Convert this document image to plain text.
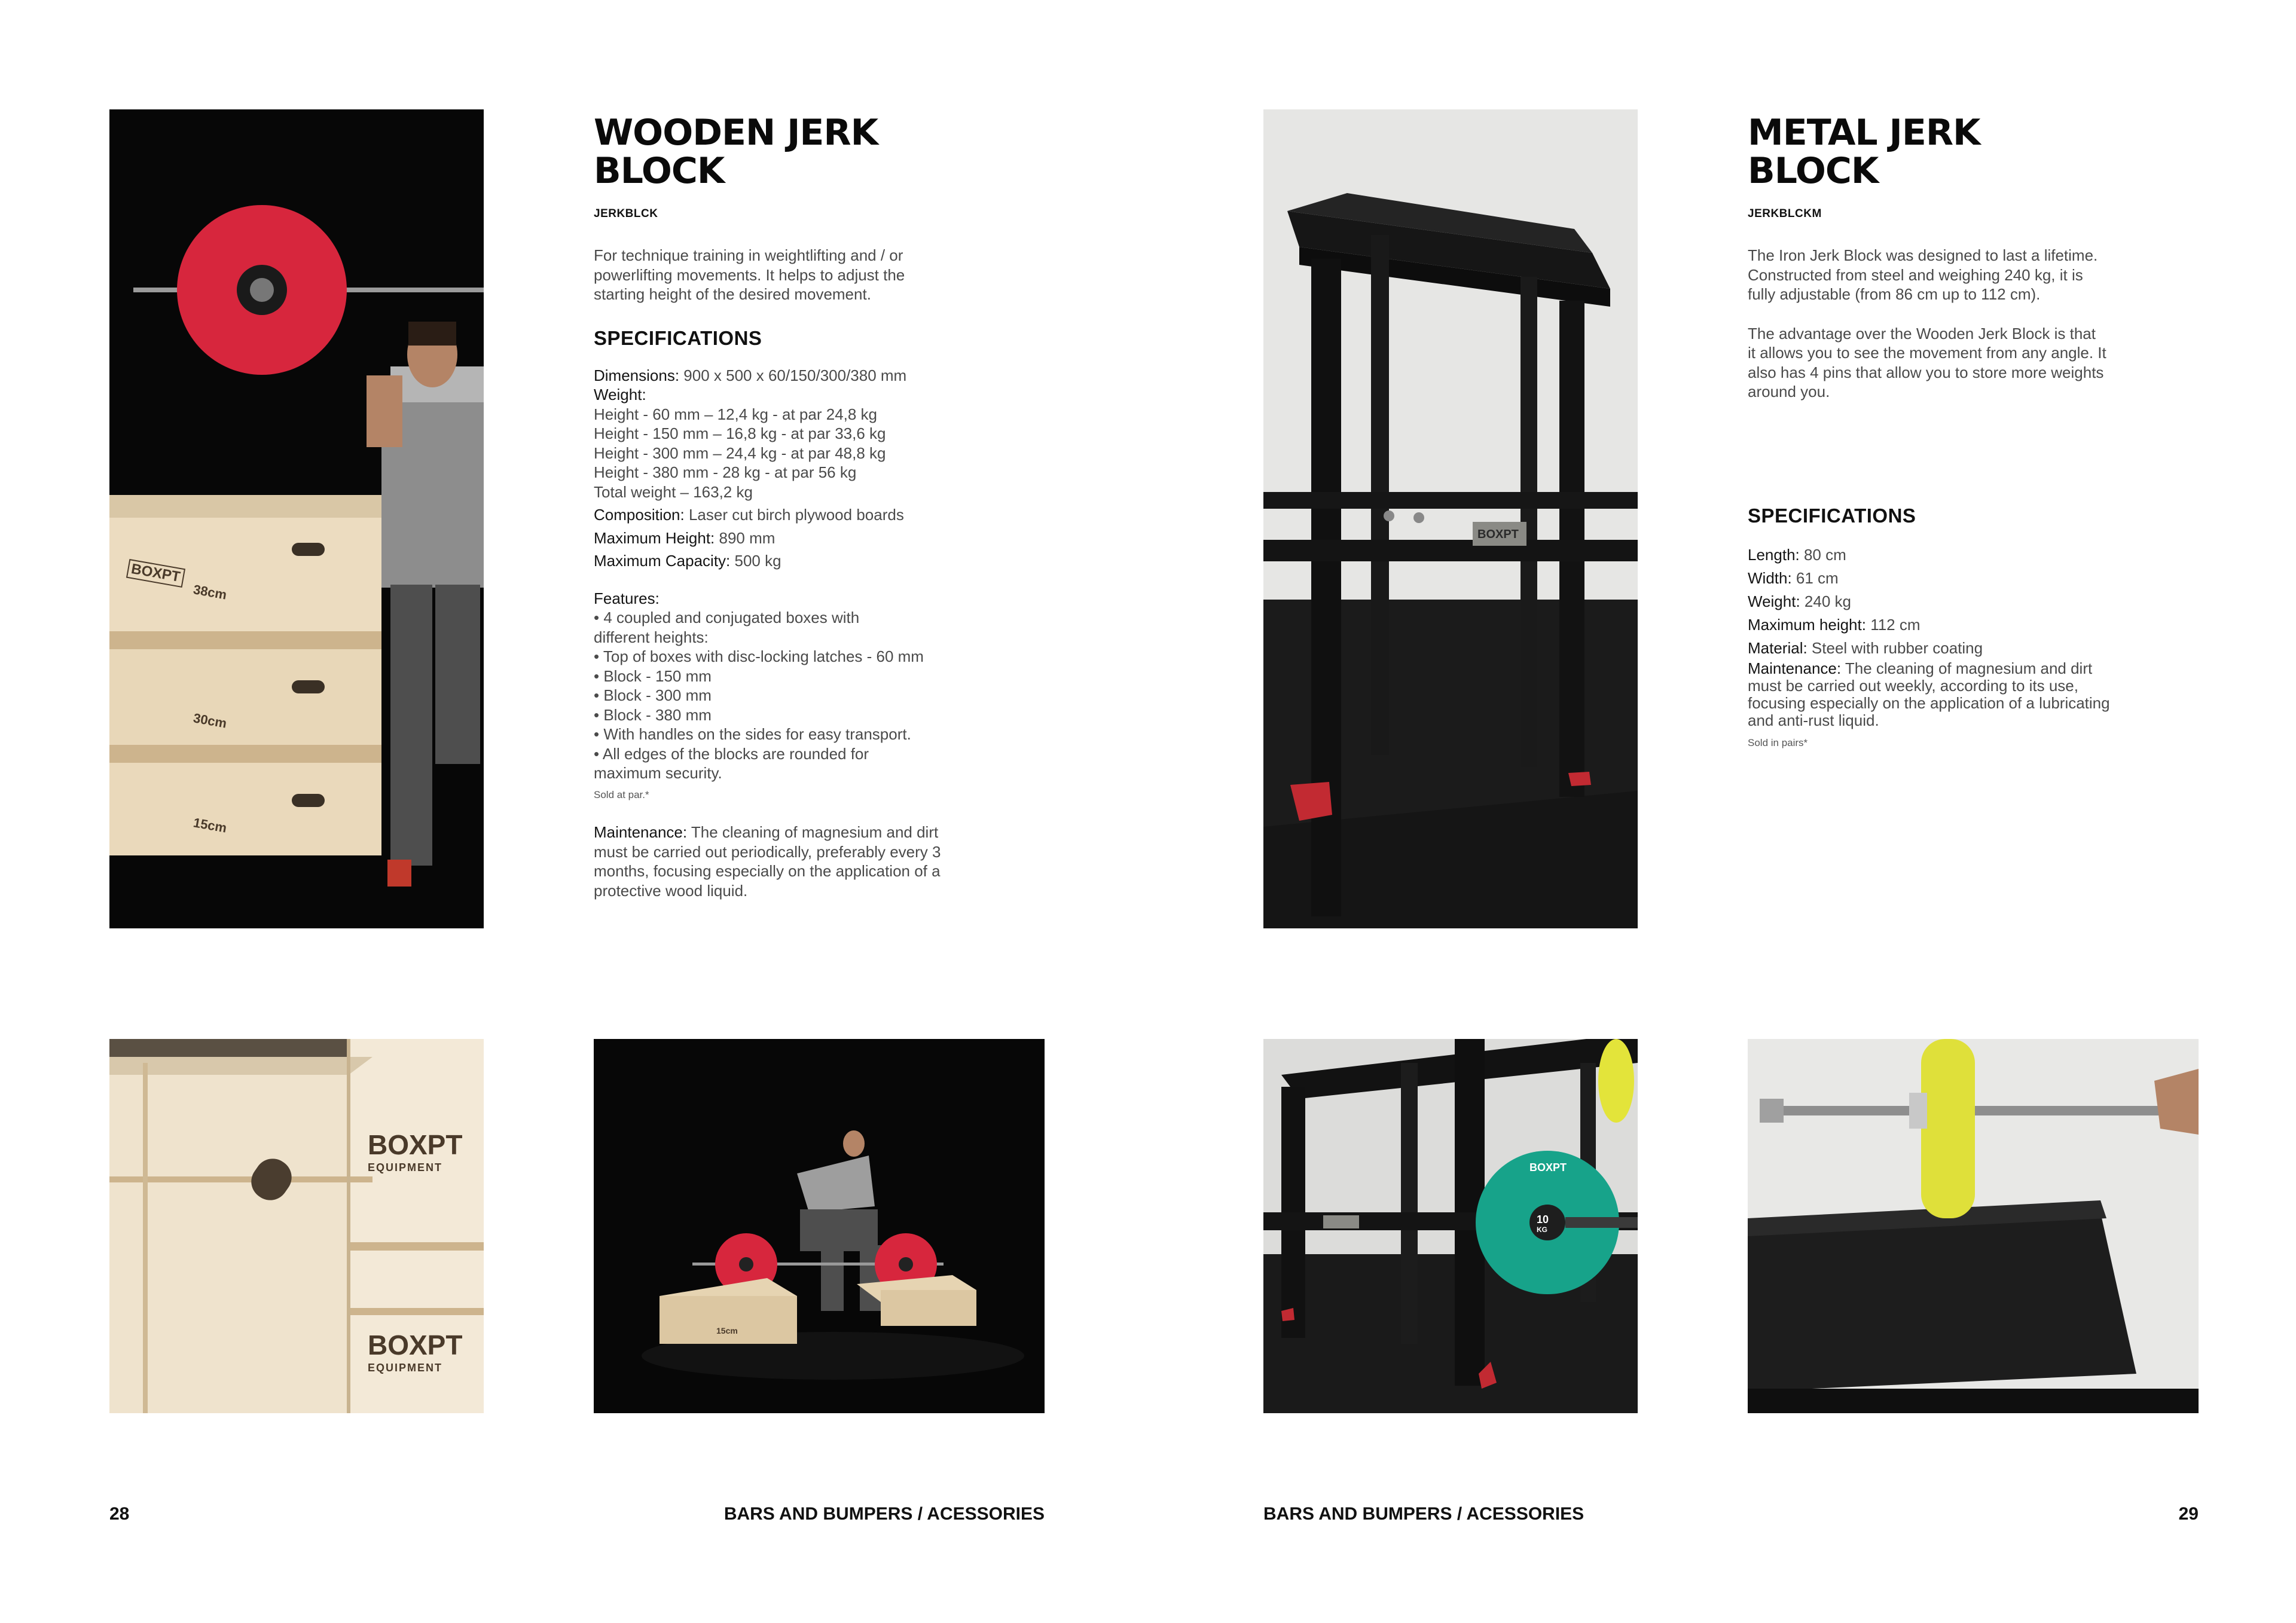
38cm
30cm
15cm
BOXPT
WOODEN JERK
BLOCK
JERKBLCK
For technique training in weightlifting and / or
powerlifting movements. It helps to adjust the
starting height of the desired movement.
SPECIFICATIONS
Dimensions: 900 x 500 x 60/150/300/380 mm
Weight:
Height - 60 mm – 12,4 kg - at par 24,8 kg
Height - 150 mm – 16,8 kg - at par 33,6 kg
Height - 300 mm – 24,4 kg - at par 48,8 kg
Height - 380 mm - 28 kg - at par 56 kg
Total weight – 163,2 kg
Composition: Laser cut birch plywood boards
Maximum Height: 890 mm
Maximum Capacity: 500 kg
Features:
• 4 coupled and conjugated boxes with
different heights:
• Top of boxes with disc-locking latches - 60 mm
• Block - 150 mm
• Block - 300 mm
• Block - 380 mm
• With handles on the sides for easy transport.
• All edges of the blocks are rounded for
maximum security.
Sold at par.*
Maintenance: The cleaning of magnesium and dirt
must be carried out periodically, preferably every 3
months, focusing especially on the application of a
protective wood liquid.
BOXPT
EQUIPMENT
BOXPT
EQUIPMENT
15cm
BOXPT
METAL JERK
BLOCK
JERKBLCKM
The Iron Jerk Block was designed to last a lifetime.
Constructed from steel and weighing 240 kg, it is
fully adjustable (from 86 cm up to 112 cm).
The advantage over the Wooden Jerk Block is that
it allows you to see the movement from any angle. It
also has 4 pins that allow you to store more weights
around you.
SPECIFICATIONS
Length: 80 cm
Width: 61 cm
Weight: 240 kg
Maximum height: 112 cm
Material: Steel with rubber coating
Maintenance: The cleaning of magnesium and dirt
must be carried out weekly, according to its use,
focusing especially on the application of a lubricating
and anti-rust liquid.
Sold in pairs*
10
KG
BOXPT
28	BARS AND BUMPERS / ACESSORIES	BARS AND BUMPERS / ACESSORIES	29
